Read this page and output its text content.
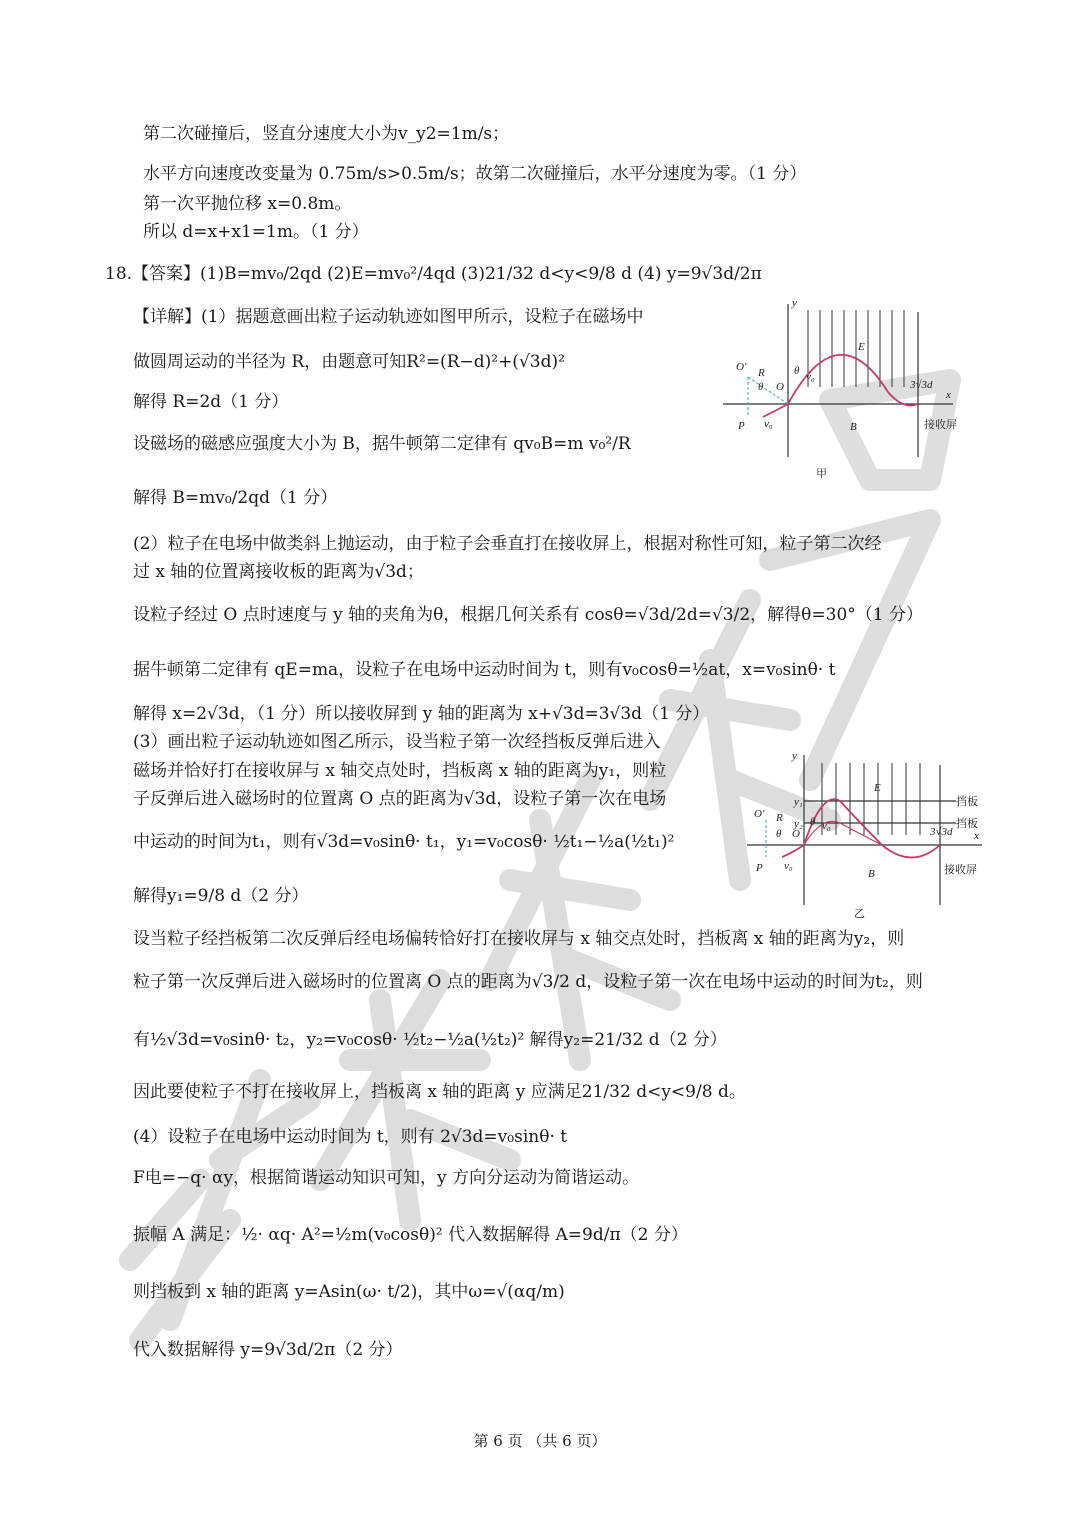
第二次碰撞后，竖直分速度大小为v_y2=1m/s；
水平方向速度改变量为 0.75m/s>0.5m/s；故第二次碰撞后，水平分速度为零。（1 分）
第一次平抛位移 x=0.8m。
所以 d=x+x1=1m。（1 分）
18.【答案】(1)B=mv₀/2qd (2)E=mv₀²/4qd (3)21/32 d<y<9/8 d (4) y=9√3d/2π
【详解】(1）据题意画出粒子运动轨迹如图甲所示，设粒子在磁场中
做圆周运动的半径为 R，由题意可知R²=(R−d)²+(√3d)²
解得 R=2d（1 分）
设磁场的磁感应强度大小为 B，据牛顿第二定律有 qv₀B=m v₀²/R
解得 B=mv₀/2qd（1 分）
(2）粒子在电场中做类斜上抛运动，由于粒子会垂直打在接收屏上，根据对称性可知，粒子第二次经
过 x 轴的位置离接收板的距离为√3d；
设粒子经过 O 点时速度与 y 轴的夹角为θ，根据几何关系有 cosθ=√3d/2d=√3/2，解得θ=30°（1 分）
据牛顿第二定律有 qE=ma，设粒子在电场中运动时间为 t，则有v₀cosθ=½at，x=v₀sinθ· t
解得 x=2√3d，（1 分）所以接收屏到 y 轴的距离为 x+√3d=3√3d（1 分）
(3）画出粒子运动轨迹如图乙所示，设当粒子第一次经挡板反弹后进入
磁场并恰好打在接收屏与 x 轴交点处时，挡板离 x 轴的距离为y₁，则粒
子反弹后进入磁场时的位置离 O 点的距离为√3d，设粒子第一次在电场
中运动的时间为t₁，则有√3d=v₀sinθ· t₁，y₁=v₀cosθ· ½t₁−½a(½t₁)²
解得y₁=9/8 d（2 分）
设当粒子经挡板第二次反弹后经电场偏转恰好打在接收屏与 x 轴交点处时，挡板离 x 轴的距离为y₂，则
粒子第一次反弹后进入磁场时的位置离 O 点的距离为√3/2 d，设粒子第一次在电场中运动的时间为t₂，则
有½√3d=v₀sinθ· t₂，y₂=v₀cosθ· ½t₂−½a(½t₂)² 解得y₂=21/32 d（2 分）
因此要使粒子不打在接收屏上，挡板离 x 轴的距离 y 应满足21/32 d<y<9/8 d。
(4）设粒子在电场中运动时间为 t，则有 2√3d=v₀sinθ· t
F电=−q· αy，根据简谐运动知识可知，y 方向分运动为简谐运动。
振幅 A 满足：½· αq· A²=½m(v₀cosθ)² 代入数据解得 A=9d/π（2 分）
则挡板到 x 轴的距离 y=Asin(ω· t/2)，其中ω=√(αq/m)
代入数据解得 y=9√3d/2π（2 分）
y
x
O' R
θ O
θ v₀
E
3√3d
P v₀	B	接收屏
甲
y
x
E
y₁
y₂
挡板
挡板
O' R
θ O
θ v₀	3√3d
P v₀
B	接收屏
乙
第 6 页 （共 6 页）
